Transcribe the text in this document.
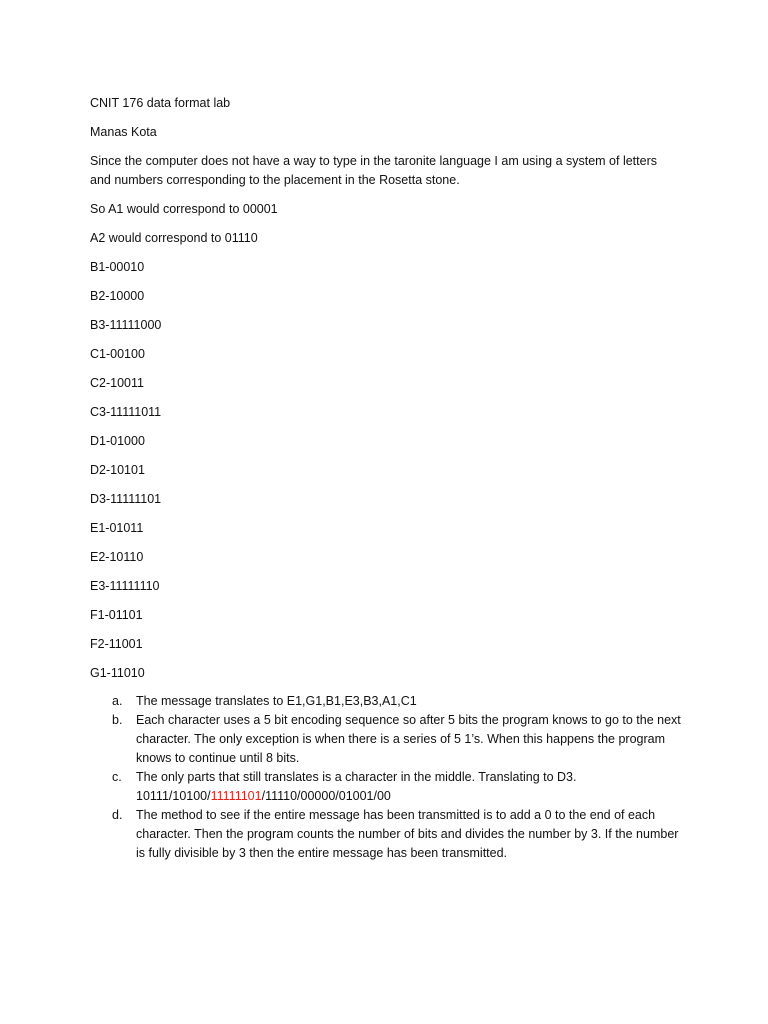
CNIT 176 data format lab

Manas Kota

Since the computer does not have a way to type in the taronite language I am using a system of letters and numbers corresponding to the placement in the Rosetta stone.

So A1 would correspond to 00001

A2 would correspond to 01110

B1-00010

B2-10000

B3-11111000

C1-00100

C2-10011

C3-11111011

D1-01000

D2-10101

D3-11111101

E1-01011

E2-10110

E3-11111110

F1-01101

F2-11001

G1-11010

a. The message translates to E1,G1,B1,E3,B3,A1,C1
b. Each character uses a 5 bit encoding sequence so after 5 bits the program knows to go to the next character. The only exception is when there is a series of 5 1’s. When this happens the program knows to continue until 8 bits.
c. The only parts that still translates is a character in the middle. Translating to D3.
10111/10100/11111101/11110/00000/01001/00
d. The method to see if the entire message has been transmitted is to add a 0 to the end of each character. Then the program counts the number of bits and divides the number by 3. If the number is fully divisible by 3 then the entire message has been transmitted.
